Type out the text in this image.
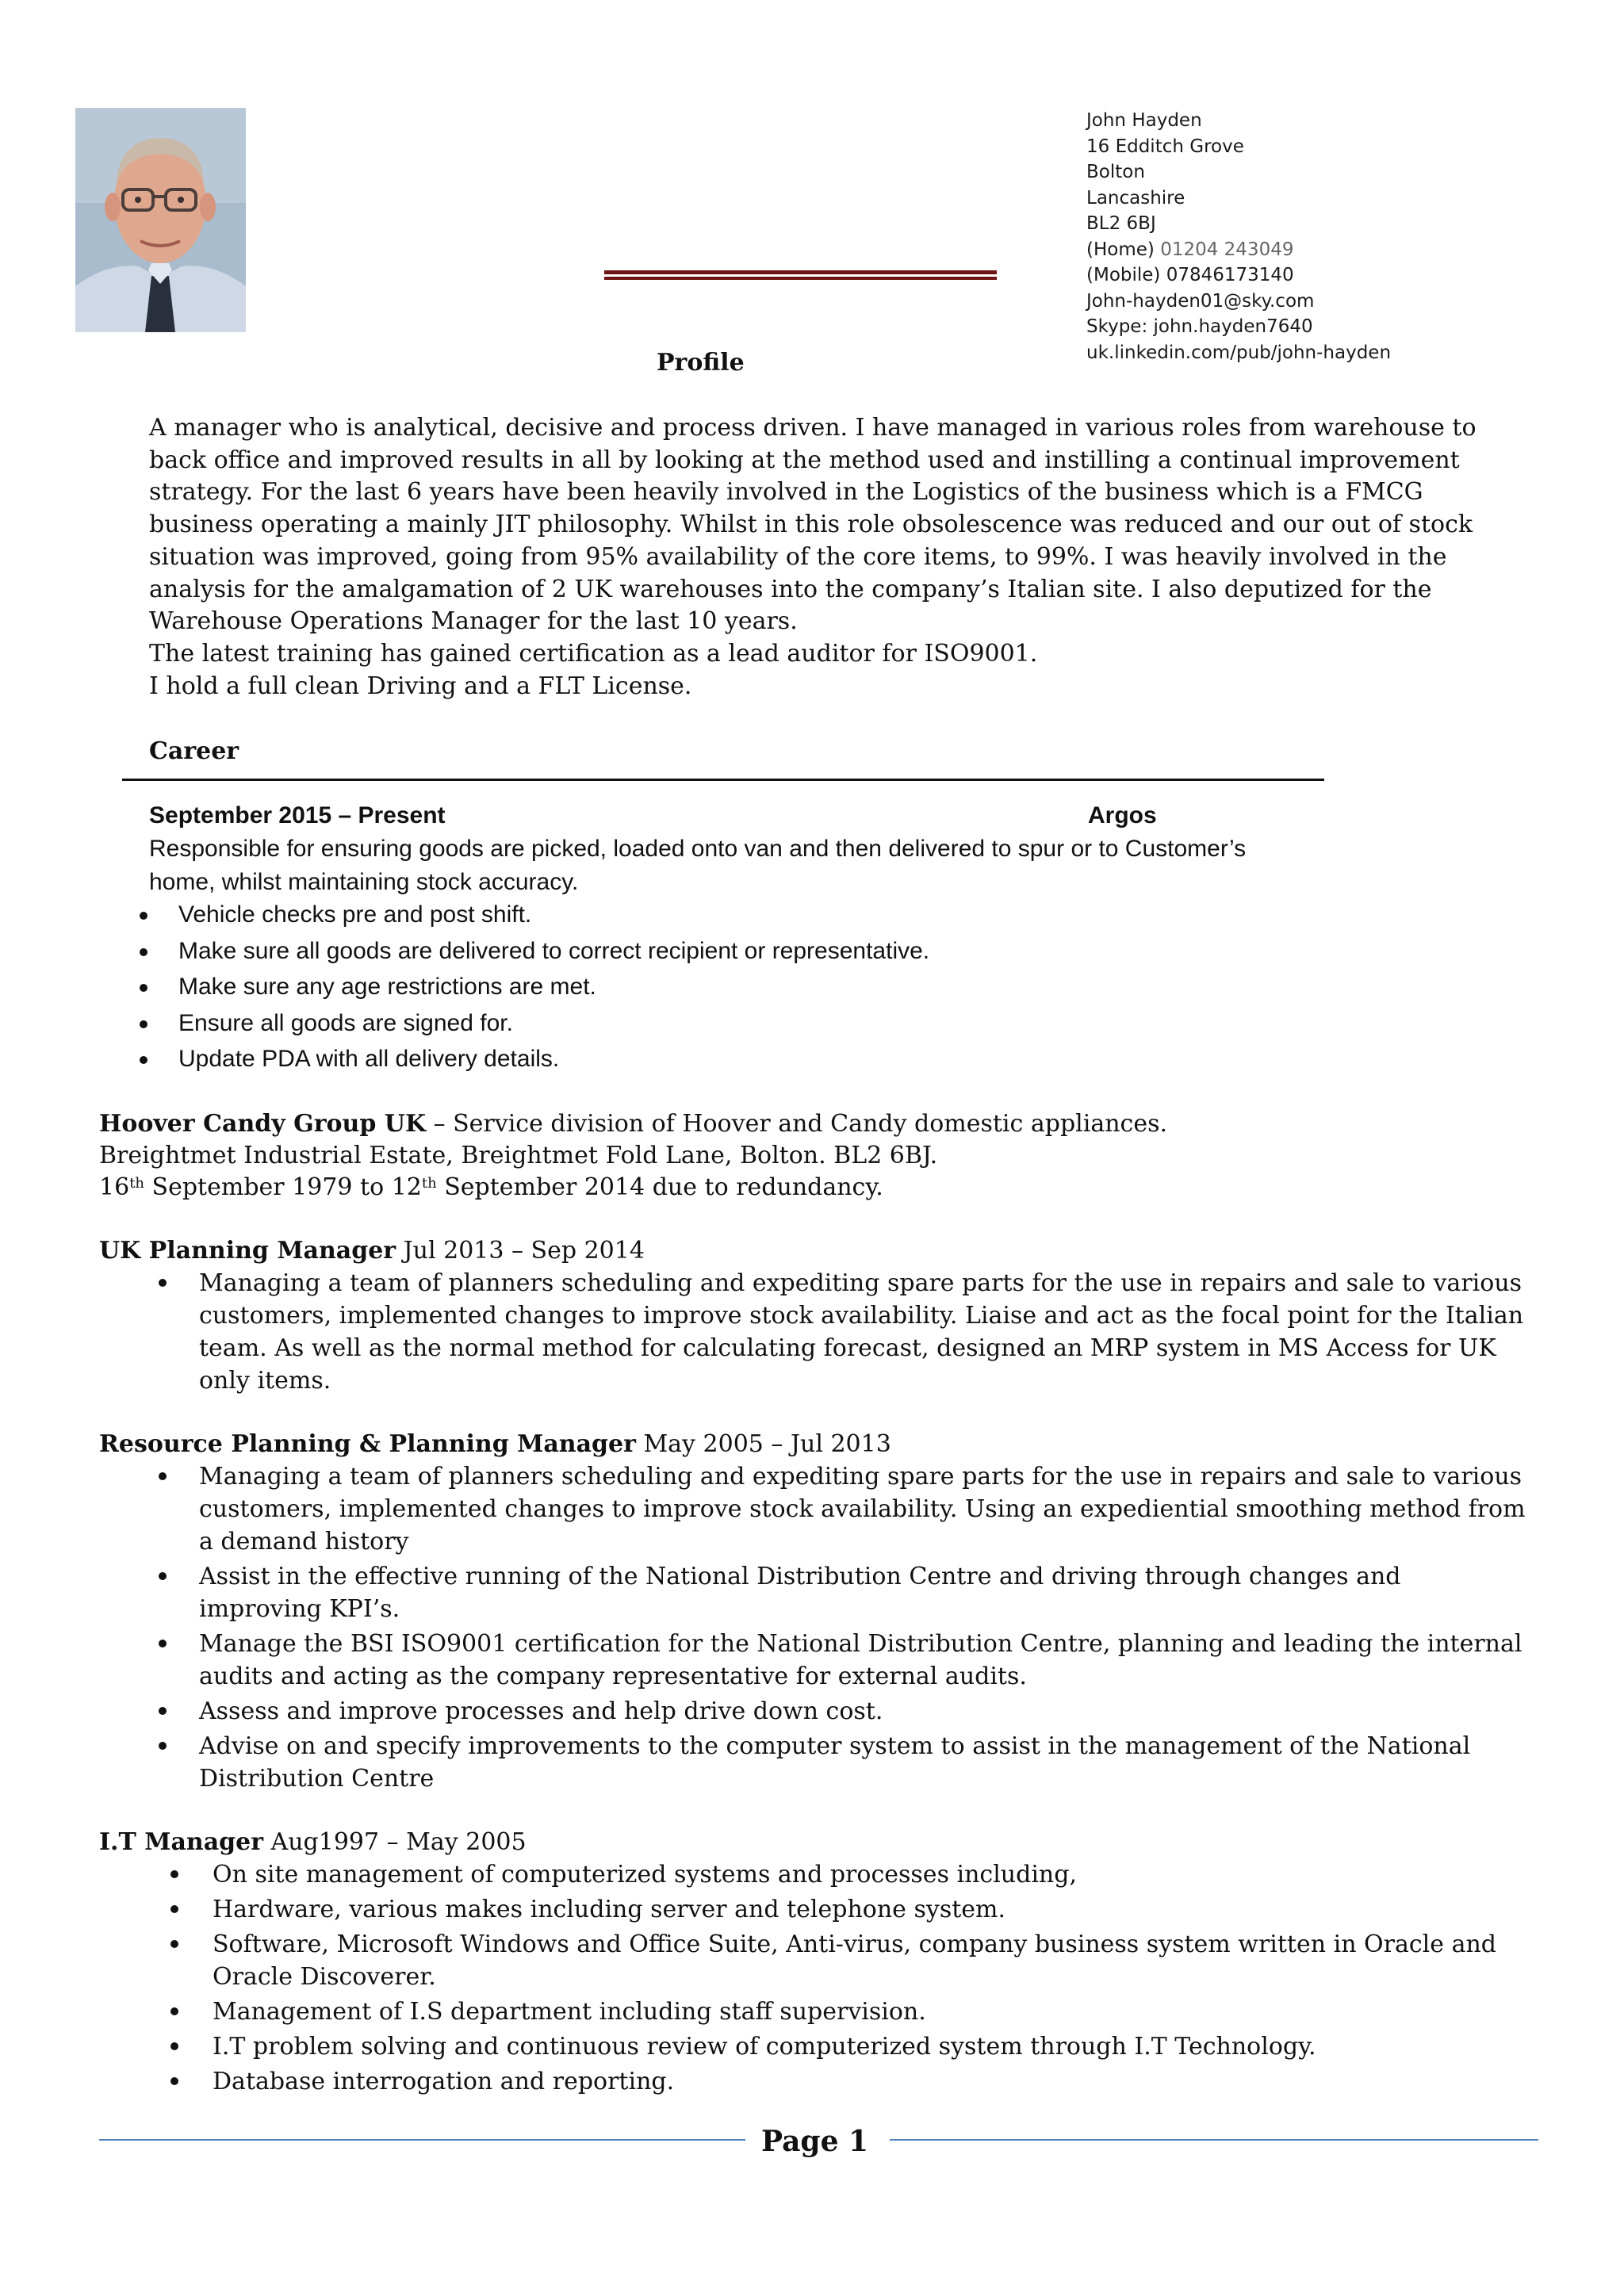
John Hayden
16 Edditch Grove
Bolton
Lancashire
BL2 6BJ
(Home) 01204 243049
(Mobile) 07846173140
John-hayden01@sky.com
Skype: john.hayden7640
uk.linkedin.com/pub/john-hayden
Profile

A manager who is analytical, decisive and process driven. I have managed in various roles from warehouse to back office and improved results in all by looking at the method used and instilling a continual improvement strategy. For the last 6 years have been heavily involved in the Logistics of the business which is a FMCG business operating a mainly JIT philosophy. Whilst in this role obsolescence was reduced and our out of stock situation was improved, going from 95% availability of the core items, to 99%. I was heavily involved in the analysis for the amalgamation of 2 UK warehouses into the company’s Italian site. I also deputized for the Warehouse Operations Manager for the last 10 years.

The latest training has gained certification as a lead auditor for ISO9001.

I hold a full clean Driving and a FLT License.

Career
September 2015 – Present	Argos
Responsible for ensuring goods are picked, loaded onto van and then delivered to spur or to Customer’s home, whilst maintaining stock accuracy.
Vehicle checks pre and post shift.
Make sure all goods are delivered to correct recipient or representative.
Make sure any age restrictions are met.
Ensure all goods are signed for.
Update PDA with all delivery details.

Hoover Candy Group UK – Service division of Hoover and Candy domestic appliances.

Breightmet Industrial Estate, Breightmet Fold Lane, Bolton. BL2 6BJ.

16th September 1979 to 12th September 2014 due to redundancy.

UK Planning Manager Jul 2013 – Sep 2014
Managing a team of planners scheduling and expediting spare parts for the use in repairs and sale to various customers, implemented changes to improve stock availability. Liaise and act as the focal point for the Italian team. As well as the normal method for calculating forecast, designed an MRP system in MS Access for UK only items.
Resource Planning & Planning Manager May 2005 – Jul 2013
Managing a team of planners scheduling and expediting spare parts for the use in repairs and sale to various customers, implemented changes to improve stock availability. Using an expediential smoothing method from a demand history
Assist in the effective running of the National Distribution Centre and driving through changes and improving KPI’s.
Manage the BSI ISO9001 certification for the National Distribution Centre, planning and leading the internal audits and acting as the company representative for external audits.
Assess and improve processes and help drive down cost.
Advise on and specify improvements to the computer system to assist in the management of the National Distribution Centre
I.T Manager Aug1997 – May 2005
On site management of computerized systems and processes including,
Hardware, various makes including server and telephone system.
Software, Microsoft Windows and Office Suite, Anti-virus, company business system written in Oracle and Oracle Discoverer.
Management of I.S department including staff supervision.
I.T problem solving and continuous review of computerized system through I.T Technology.
Database interrogation and reporting.
Page 1
